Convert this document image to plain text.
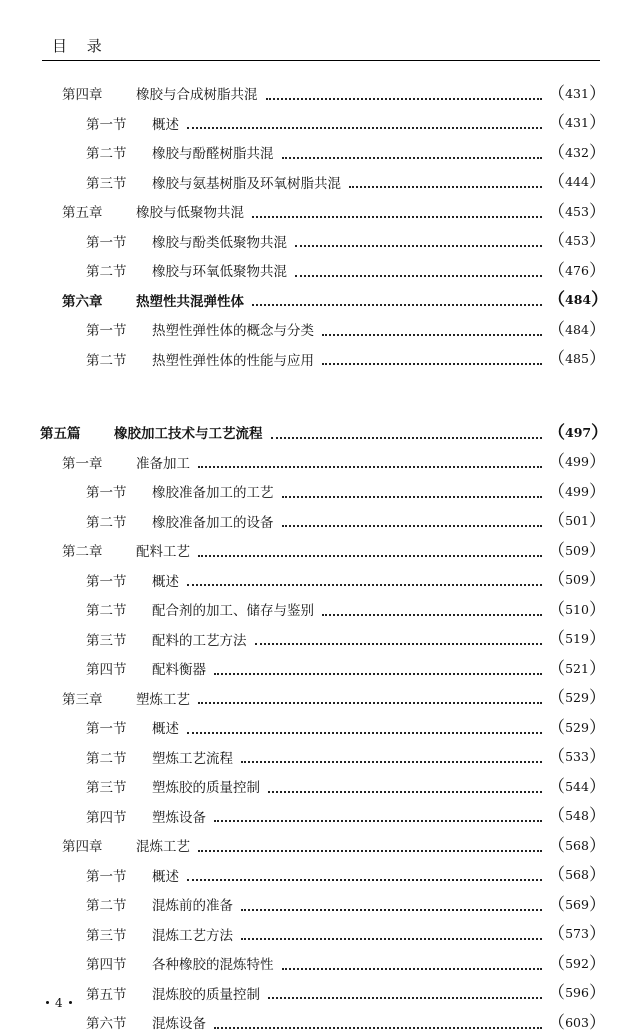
目 录
第四章	橡胶与合成树脂共混	（431）
第一节	概述	（431）
第二节	橡胶与酚醛树脂共混	（432）
第三节	橡胶与氨基树脂及环氧树脂共混	（444）
第五章	橡胶与低聚物共混	（453）
第一节	橡胶与酚类低聚物共混	（453）
第二节	橡胶与环氧低聚物共混	（476）
第六章	热塑性共混弹性体	（484）
第一节	热塑性弹性体的概念与分类	（484）
第二节	热塑性弹性体的性能与应用	（485）
第五篇	橡胶加工技术与工艺流程	（497）
第一章	准备加工	（499）
第一节	橡胶准备加工的工艺	（499）
第二节	橡胶准备加工的设备	（501）
第二章	配料工艺	（509）
第一节	概述	（509）
第二节	配合剂的加工、储存与鉴别	（510）
第三节	配料的工艺方法	（519）
第四节	配料衡器	（521）
第三章	塑炼工艺	（529）
第一节	概述	（529）
第二节	塑炼工艺流程	（533）
第三节	塑炼胶的质量控制	（544）
第四节	塑炼设备	（548）
第四章	混炼工艺	（568）
第一节	概述	（568）
第二节	混炼前的准备	（569）
第三节	混炼工艺方法	（573）
第四节	各种橡胶的混炼特性	（592）
第五节	混炼胶的质量控制	（596）
第六节	混炼设备	（603）
4
